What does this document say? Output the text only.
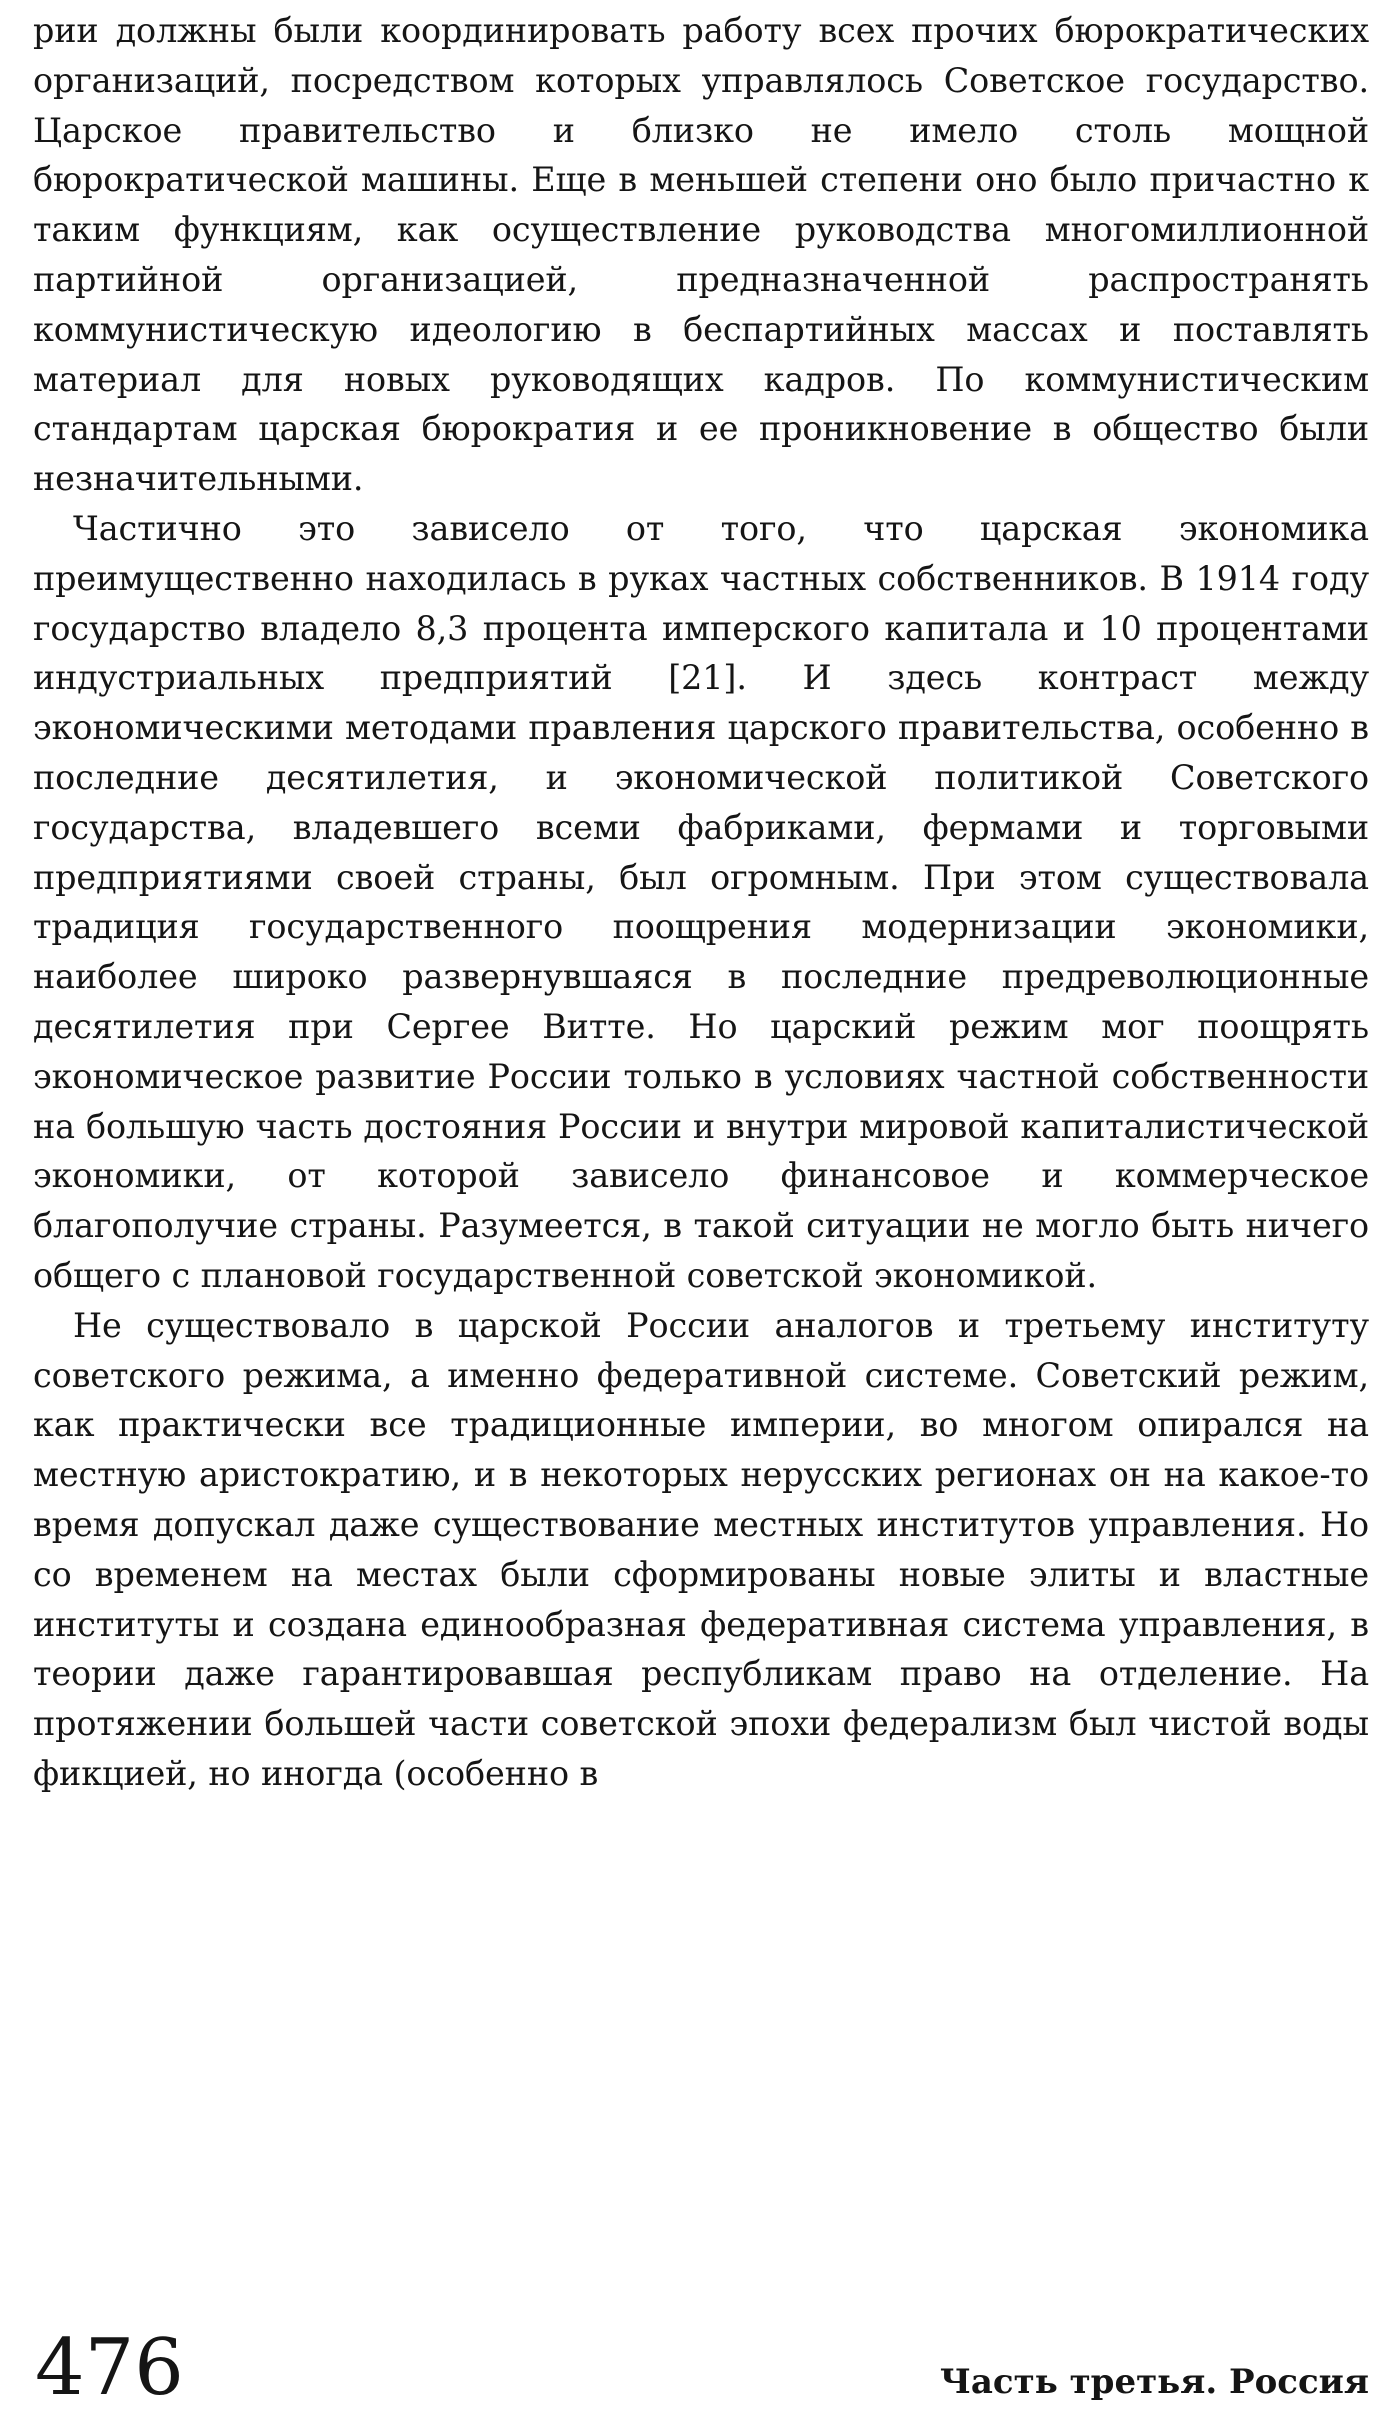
рии должны были координировать работу всех прочих бюрократических организаций, посредством которых управлялось Советское государство. Царское правительство и близко не имело столь мощной бюрократической машины. Еще в меньшей степени оно было причастно к таким функциям, как осуществление руководства многомиллионной партийной организацией, предназначенной распространять коммунистическую идеологию в беспартийных массах и поставлять материал для новых руководящих кадров. По коммунистическим стандартам царская бюрократия и ее проникновение в общество были незначительными.

Частично это зависело от того, что царская экономика преимущественно находилась в руках частных собственников. В 1914 году государство владело 8,3 процента имперского капитала и 10 процентами индустриальных предприятий [21]. И здесь контраст между экономическими методами правления царского правительства, особенно в последние десятилетия, и экономической политикой Советского государства, владевшего всеми фабриками, фермами и торговыми предприятиями своей страны, был огромным. При этом существовала традиция государственного поощрения модернизации экономики, наиболее широко развернувшаяся в последние предреволюционные десятилетия при Сергее Витте. Но царский режим мог поощрять экономическое развитие России только в условиях частной собственности на большую часть достояния России и внутри мировой капиталистической экономики, от которой зависело финансовое и коммерческое благополучие страны. Разумеется, в такой ситуации не могло быть ничего общего с плановой государственной советской экономикой.

Не существовало в царской России аналогов и третьему институту советского режима, а именно федеративной системе. Советский режим, как практически все традиционные империи, во многом опирался на местную аристократию, и в некоторых нерусских регионах он на какое-то время допускал даже существование местных институтов управления. Но со временем на местах были сформированы новые элиты и властные институты и создана единообразная федеративная система управления, в теории даже гарантировавшая республикам право на отделение. На протяжении большей части советской эпохи федерализм был чистой воды фикцией, но иногда (особенно в

476	Часть третья. Россия
